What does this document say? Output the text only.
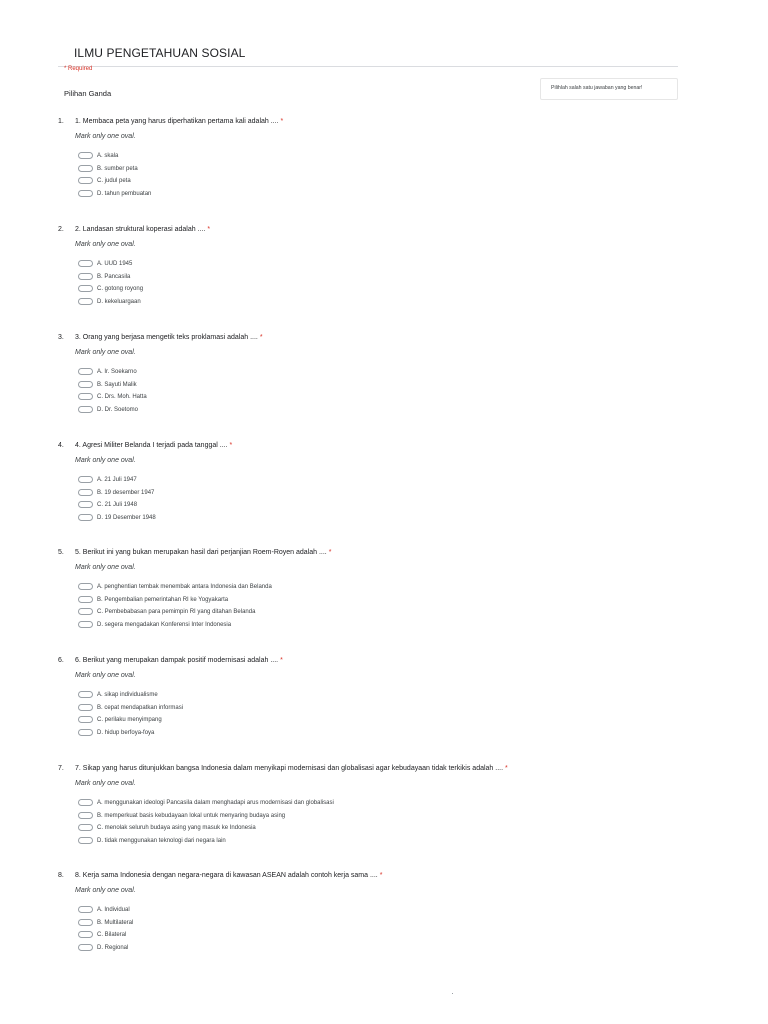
ILMU PENGETAHUAN SOSIAL
* Required
Pilihan Ganda
Pilihlah salah satu jawaban yang benar!
1. 1. Membaca peta yang harus diperhatikan pertama kali adalah .... *
Mark only one oval.
A. skala
B. sumber peta
C. judul peta
D. tahun pembuatan
2. 2. Landasan struktural koperasi adalah .... *
Mark only one oval.
A. UUD 1945
B. Pancasila
C. gotong royong
D. kekeluargaan
3. 3. Orang yang berjasa mengetik teks proklamasi adalah .... *
Mark only one oval.
A. Ir. Soekarno
B. Sayuti Malik
C. Drs. Moh. Hatta
D. Dr. Soetomo
4. 4. Agresi Militer Belanda I terjadi pada tanggal .... *
Mark only one oval.
A. 21 Juli 1947
B. 19 desember 1947
C. 21 Juli 1948
D. 19 Desember 1948
5. 5. Berikut ini yang bukan merupakan hasil dari perjanjian Roem-Royen adalah .... *
Mark only one oval.
A. penghentian tembak menembak antara Indonesia dan Belanda
B. Pengembalian pemerintahan RI ke Yogyakarta
C. Pembebabasan para pemimpin RI yang ditahan Belanda
D. segera mengadakan Konferensi Inter Indonesia
6. 6. Berikut yang merupakan dampak positif modernisasi adalah .... *
Mark only one oval.
A. sikap individualisme
B. cepat mendapatkan informasi
C. perilaku menyimpang
D. hidup berfoya-foya
7. 7. Sikap yang harus ditunjukkan bangsa Indonesia dalam menyikapi modernisasi dan globalisasi agar kebudayaan tidak terkikis adalah .... *
Mark only one oval.
A. menggunakan ideologi Pancasila dalam menghadapi arus modernisasi dan globalisasi
B. memperkuat basis kebudayaan lokal untuk menyaring budaya asing
C. menolak seluruh budaya asing yang masuk ke Indonesia
D. tidak menggunakan teknologi dari negara lain
8. 8. Kerja sama Indonesia dengan negara-negara di kawasan ASEAN adalah contoh kerja sama .... *
Mark only one oval.
A. Individual
B. Multilateral
C. Bilateral
D. Regional
